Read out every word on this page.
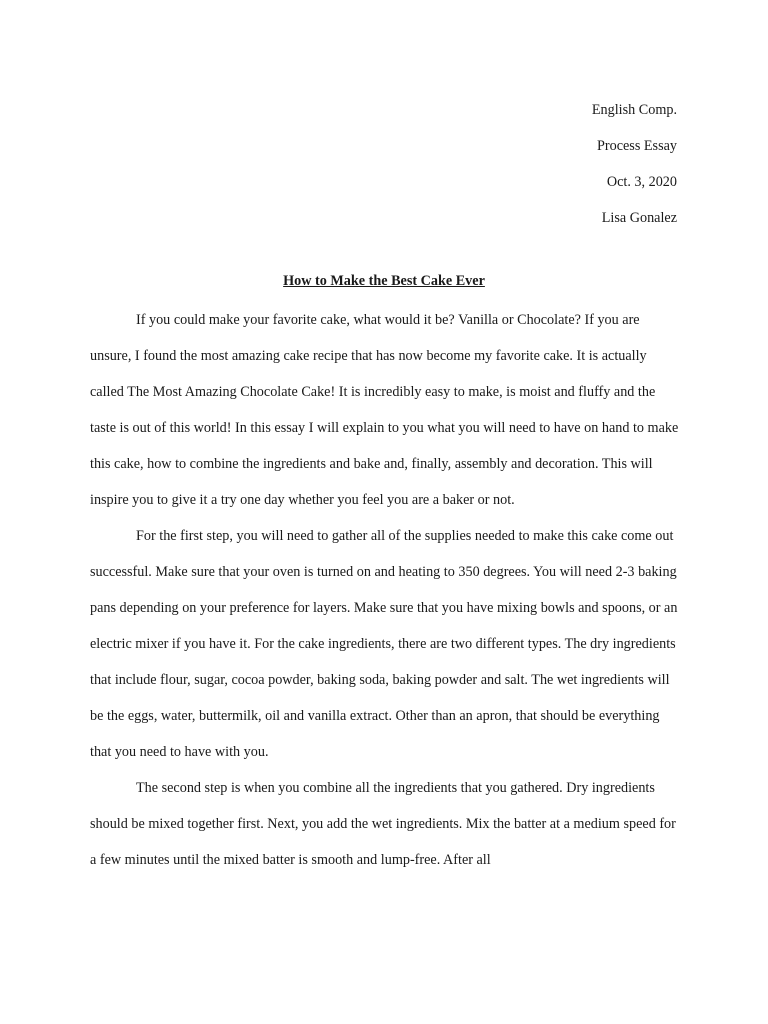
English Comp.
Process Essay
Oct. 3, 2020
Lisa Gonalez
How to Make the Best Cake Ever

If you could make your favorite cake, what would it be? Vanilla or Chocolate? If you are unsure, I found the most amazing cake recipe that has now become my favorite cake. It is actually called The Most Amazing Chocolate Cake! It is incredibly easy to make, is moist and fluffy and the taste is out of this world! In this essay I will explain to you what you will need to have on hand to make this cake, how to combine the ingredients and bake and, finally, assembly and decoration. This will inspire you to give it a try one day whether you feel you are a baker or not.

For the first step, you will need to gather all of the supplies needed to make this cake come out successful. Make sure that your oven is turned on and heating to 350 degrees. You will need 2-3 baking pans depending on your preference for layers. Make sure that you have mixing bowls and spoons, or an electric mixer if you have it. For the cake ingredients, there are two different types. The dry ingredients that include flour, sugar, cocoa powder, baking soda, baking powder and salt. The wet ingredients will be the eggs, water, buttermilk, oil and vanilla extract. Other than an apron, that should be everything that you need to have with you.

The second step is when you combine all the ingredients that you gathered. Dry ingredients should be mixed together first. Next, you add the wet ingredients. Mix the batter at a medium speed for a few minutes until the mixed batter is smooth and lump-free. After all
